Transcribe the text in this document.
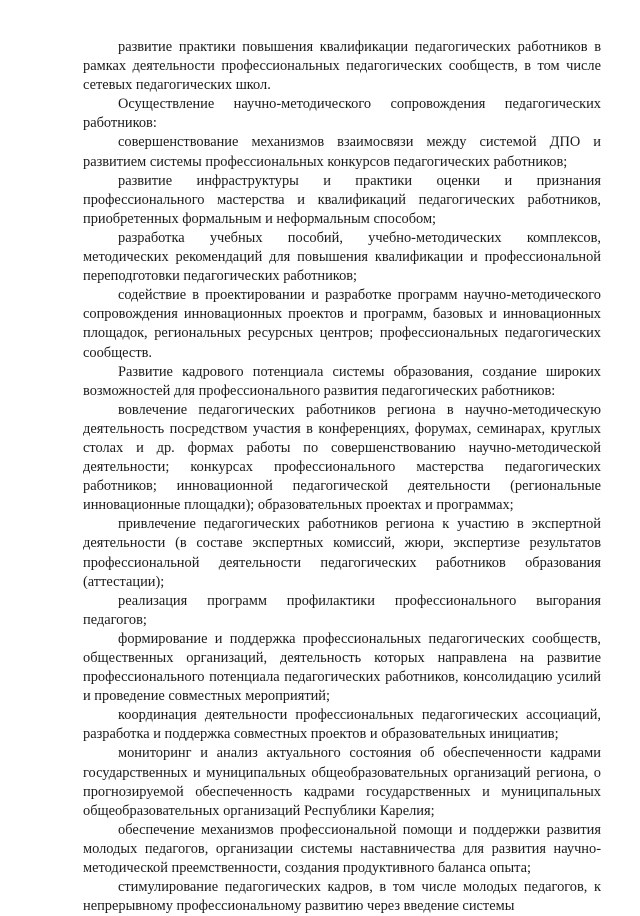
развитие практики повышения квалификации педагогических работников в рамках деятельности профессиональных педагогических сообществ, в том числе сетевых педагогических школ.

Осуществление научно-методического сопровождения педагогических работников:

совершенствование механизмов взаимосвязи между системой ДПО и развитием системы профессиональных конкурсов педагогических работников;

развитие инфраструктуры и практики оценки и признания профессионального мастерства и квалификаций педагогических работников, приобретенных формальным и неформальным способом;

разработка учебных пособий, учебно-методических комплексов, методических рекомендаций для повышения квалификации и профессиональной переподготовки педагогических работников;

содействие в проектировании и разработке программ научно-методического сопровождения инновационных проектов и программ, базовых и инновационных площадок, региональных ресурсных центров; профессиональных педагогических сообществ.

Развитие кадрового потенциала системы образования, создание широких возможностей для профессионального развития педагогических работников:

вовлечение педагогических работников региона в научно-методическую деятельность посредством участия в конференциях, форумах, семинарах, круглых столах и др. формах работы по совершенствованию научно-методической деятельности; конкурсах профессионального мастерства педагогических работников; инновационной педагогической деятельности (региональные инновационные площадки); образовательных проектах и программах;

привлечение педагогических работников региона к участию в экспертной деятельности (в составе экспертных комиссий, жюри, экспертизе результатов профессиональной деятельности педагогических работников образования (аттестации);

реализация программ профилактики профессионального выгорания педагогов;

формирование и поддержка профессиональных педагогических сообществ, общественных организаций, деятельность которых направлена на развитие профессионального потенциала педагогических работников, консолидацию усилий и проведение совместных мероприятий;

координация деятельности профессиональных педагогических ассоциаций, разработка и поддержка совместных проектов и образовательных инициатив;

мониторинг и анализ актуального состояния об обеспеченности кадрами государственных и муниципальных общеобразовательных организаций региона, о прогнозируемой обеспеченность кадрами государственных и муниципальных общеобразовательных организаций Республики Карелия;

обеспечение механизмов профессиональной помощи и поддержки развития молодых педагогов, организации системы наставничества для развития научно-методической преемственности, создания продуктивного баланса опыта;

стимулирование педагогических кадров, в том числе молодых педагогов, к непрерывному профессиональному развитию через введение системы
